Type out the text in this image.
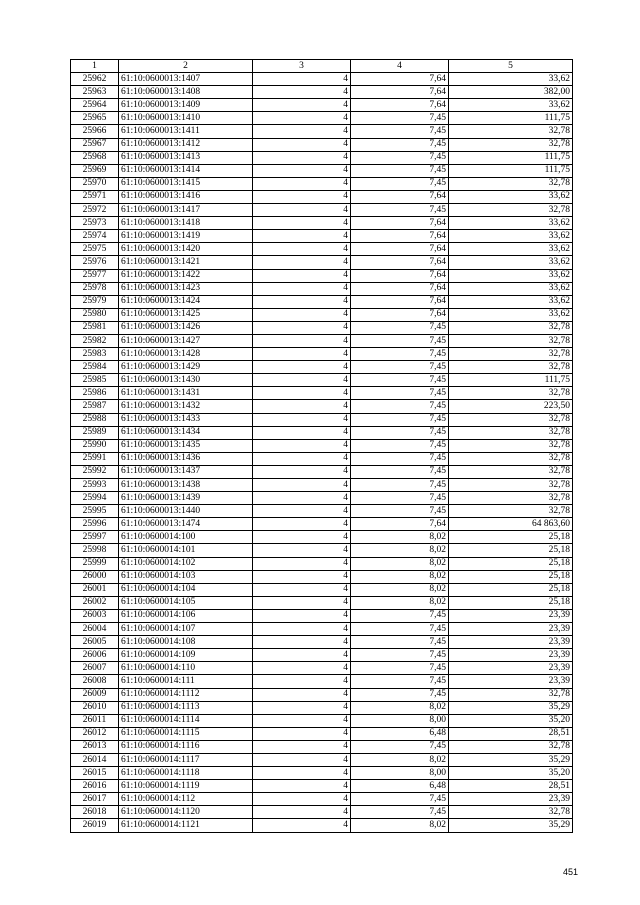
1	2	3	4	5
25962	61:10:0600013:1407	4	7,64	33,62
25963	61:10:0600013:1408	4	7,64	382,00
25964	61:10:0600013:1409	4	7,64	33,62
25965	61:10:0600013:1410	4	7,45	111,75
25966	61:10:0600013:1411	4	7,45	32,78
25967	61:10:0600013:1412	4	7,45	32,78
25968	61:10:0600013:1413	4	7,45	111,75
25969	61:10:0600013:1414	4	7,45	111,75
25970	61:10:0600013:1415	4	7,45	32,78
25971	61:10:0600013:1416	4	7,64	33,62
25972	61:10:0600013:1417	4	7,45	32,78
25973	61:10:0600013:1418	4	7,64	33,62
25974	61:10:0600013:1419	4	7,64	33,62
25975	61:10:0600013:1420	4	7,64	33,62
25976	61:10:0600013:1421	4	7,64	33,62
25977	61:10:0600013:1422	4	7,64	33,62
25978	61:10:0600013:1423	4	7,64	33,62
25979	61:10:0600013:1424	4	7,64	33,62
25980	61:10:0600013:1425	4	7,64	33,62
25981	61:10:0600013:1426	4	7,45	32,78
25982	61:10:0600013:1427	4	7,45	32,78
25983	61:10:0600013:1428	4	7,45	32,78
25984	61:10:0600013:1429	4	7,45	32,78
25985	61:10:0600013:1430	4	7,45	111,75
25986	61:10:0600013:1431	4	7,45	32,78
25987	61:10:0600013:1432	4	7,45	223,50
25988	61:10:0600013:1433	4	7,45	32,78
25989	61:10:0600013:1434	4	7,45	32,78
25990	61:10:0600013:1435	4	7,45	32,78
25991	61:10:0600013:1436	4	7,45	32,78
25992	61:10:0600013:1437	4	7,45	32,78
25993	61:10:0600013:1438	4	7,45	32,78
25994	61:10:0600013:1439	4	7,45	32,78
25995	61:10:0600013:1440	4	7,45	32,78
25996	61:10:0600013:1474	4	7,64	64 863,60
25997	61:10:0600014:100	4	8,02	25,18
25998	61:10:0600014:101	4	8,02	25,18
25999	61:10:0600014:102	4	8,02	25,18
26000	61:10:0600014:103	4	8,02	25,18
26001	61:10:0600014:104	4	8,02	25,18
26002	61:10:0600014:105	4	8,02	25,18
26003	61:10:0600014:106	4	7,45	23,39
26004	61:10:0600014:107	4	7,45	23,39
26005	61:10:0600014:108	4	7,45	23,39
26006	61:10:0600014:109	4	7,45	23,39
26007	61:10:0600014:110	4	7,45	23,39
26008	61:10:0600014:111	4	7,45	23,39
26009	61:10:0600014:1112	4	7,45	32,78
26010	61:10:0600014:1113	4	8,02	35,29
26011	61:10:0600014:1114	4	8,00	35,20
26012	61:10:0600014:1115	4	6,48	28,51
26013	61:10:0600014:1116	4	7,45	32,78
26014	61:10:0600014:1117	4	8,02	35,29
26015	61:10:0600014:1118	4	8,00	35,20
26016	61:10:0600014:1119	4	6,48	28,51
26017	61:10:0600014:112	4	7,45	23,39
26018	61:10:0600014:1120	4	7,45	32,78
26019	61:10:0600014:1121	4	8,02	35,29
451
